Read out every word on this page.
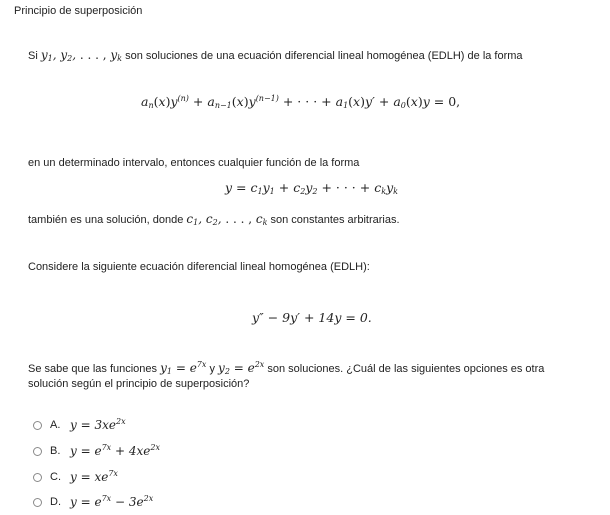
Principio de superposición
Si $y_1$, $y_2$, . . . , $y_k$ son soluciones de una ecuación diferencial lineal homogénea (EDLH) de la forma
$a_n(x)y^{(n)} + a_{n-1}(x)y^{(n-1)}$ + · · · + $a_1(x)y' + a_0(x)y = 0$,
en un determinado intervalo, entonces cualquier función de la forma
$y = c_1y_1 + c_2y_2$ + · · · + $c_ky_k$
también es una solución, donde $c_1$, $c_2$, . . . , $c_k$ son constantes arbitrarias.
Considere la siguiente ecuación diferencial lineal homogénea (EDLH):
y″ − 9y′ + 14y = 0.
Se sabe que las funciones $y_1 = e^{7x}$ y $y_2 = e^{2x}$ son soluciones. ¿Cuál de las siguientes opciones es otra
solución según el principio de superposición?
A. $y = 3xe^{2x}$
B. $y = e^{7x} + 4xe^{2x}$
C. $y = xe^{7x}$
D. $y = e^{7x} - 3e^{2x}$
